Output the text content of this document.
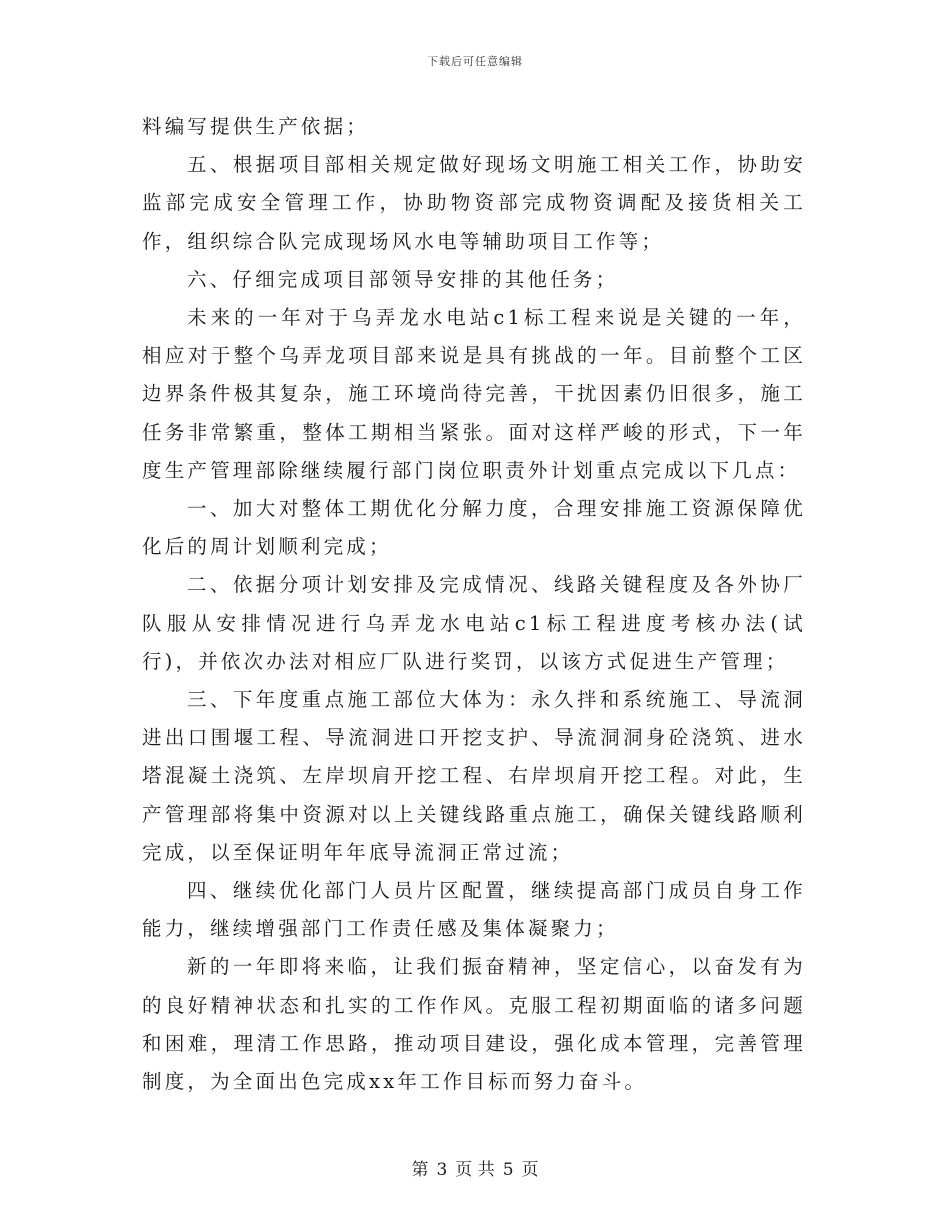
下载后可任意编辑

料编写提供生产依据；

五、根据项目部相关规定做好现场文明施工相关工作，协助安监部完成安全管理工作，协助物资部完成物资调配及接货相关工作，组织综合队完成现场风水电等辅助项目工作等；

六、仔细完成项目部领导安排的其他任务；

未来的一年对于乌弄龙水电站c1标工程来说是关键的一年，相应对于整个乌弄龙项目部来说是具有挑战的一年。目前整个工区边界条件极其复杂，施工环境尚待完善，干扰因素仍旧很多，施工任务非常繁重，整体工期相当紧张。面对这样严峻的形式，下一年度生产管理部除继续履行部门岗位职责外计划重点完成以下几点：

一、加大对整体工期优化分解力度，合理安排施工资源保障优化后的周计划顺利完成；

二、依据分项计划安排及完成情况、线路关键程度及各外协厂队服从安排情况进行乌弄龙水电站c1标工程进度考核办法(试行)，并依次办法对相应厂队进行奖罚，以该方式促进生产管理；

三、下年度重点施工部位大体为：永久拌和系统施工、导流洞进出口围堰工程、导流洞进口开挖支护、导流洞洞身砼浇筑、进水塔混凝土浇筑、左岸坝肩开挖工程、右岸坝肩开挖工程。对此，生产管理部将集中资源对以上关键线路重点施工，确保关键线路顺利完成，以至保证明年年底导流洞正常过流；

四、继续优化部门人员片区配置，继续提高部门成员自身工作能力，继续增强部门工作责任感及集体凝聚力；

新的一年即将来临，让我们振奋精神，坚定信心，以奋发有为的良好精神状态和扎实的工作作风。克服工程初期面临的诸多问题和困难，理清工作思路，推动项目建设，强化成本管理，完善管理制度，为全面出色完成xx年工作目标而努力奋斗。

第 3 页 共 5 页
